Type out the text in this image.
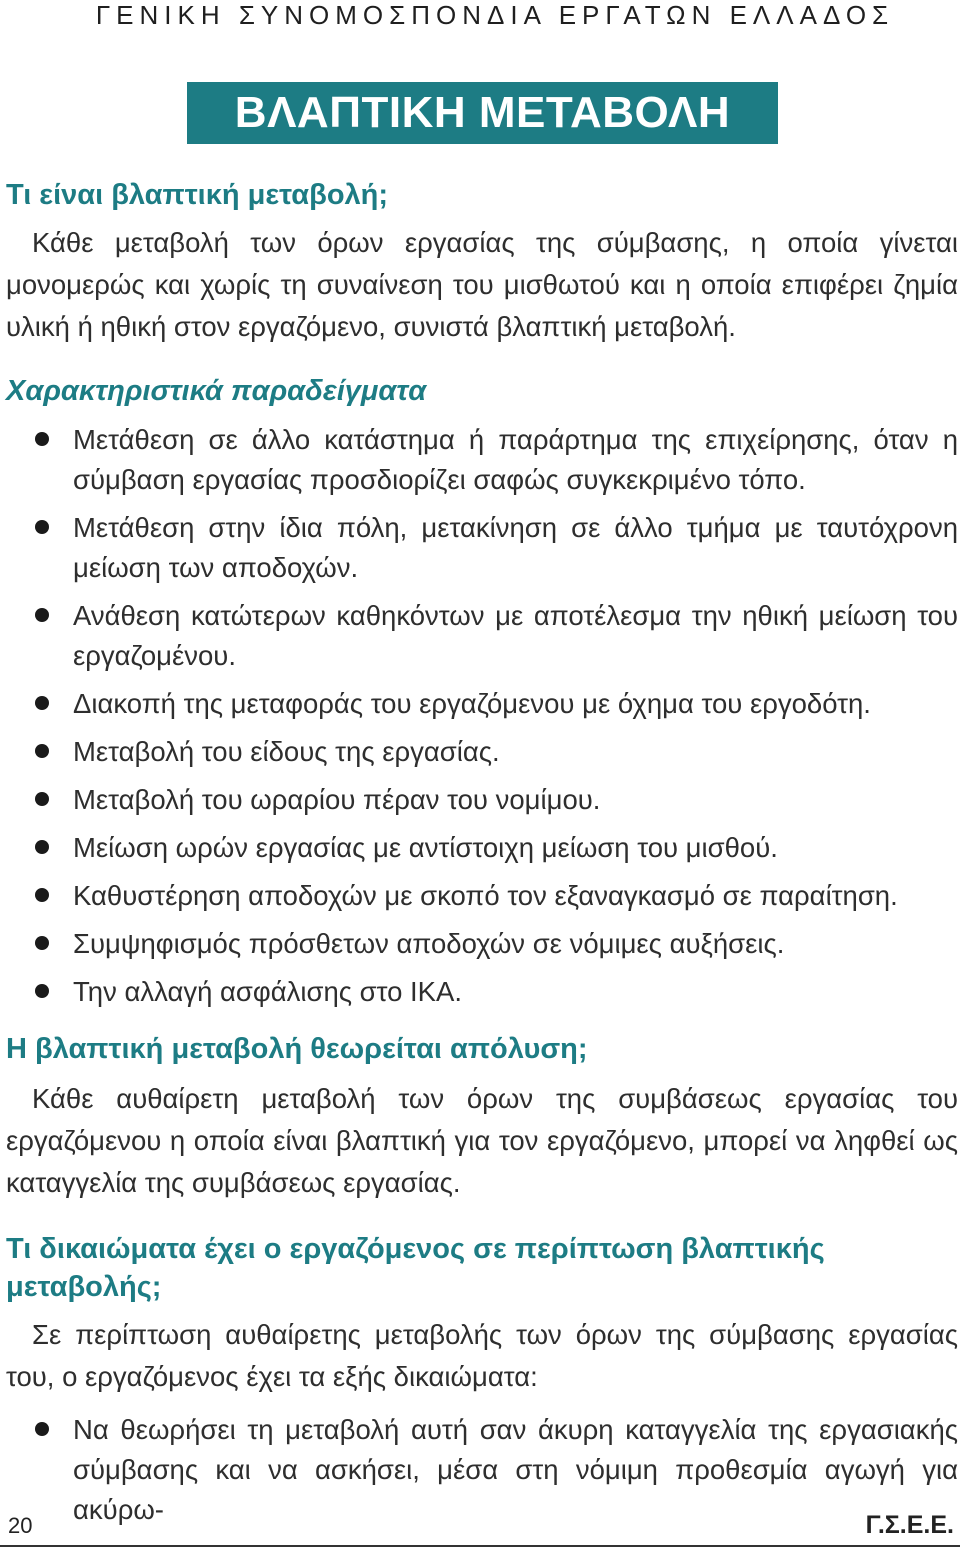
ΓΕΝΙΚΗ ΣΥΝΟΜΟΣΠΟΝΔΙΑ ΕΡΓΑΤΩΝ ΕΛΛΑΔΟΣ
ΒΛΑΠΤΙΚΗ ΜΕΤΑΒΟΛΗ
Τι είναι βλαπτική μεταβολή;

Κάθε μεταβολή των όρων εργασίας της σύμβασης, η οποία γίνεται μονομερώς και χωρίς τη συναίνεση του μισθωτού και η οποία επιφέρει ζημία υλική ή ηθική στον εργαζόμενο, συνιστά βλαπτική μεταβολή.

Χαρακτηριστικά παραδείγματα
Μετάθεση σε άλλο κατάστημα ή παράρτημα της επιχείρησης, όταν η σύμβαση εργασίας προσδιορίζει σαφώς συγκεκριμένο τόπο.
Μετάθεση στην ίδια πόλη, μετακίνηση σε άλλο τμήμα με ταυτόχρονη μείωση των αποδοχών.
Ανάθεση κατώτερων καθηκόντων με αποτέλεσμα την ηθική μείωση του εργαζομένου.
Διακοπή της μεταφοράς του εργαζόμενου με όχημα του εργοδότη.
Μεταβολή του είδους της εργασίας.
Μεταβολή του ωραρίου πέραν του νομίμου.
Μείωση ωρών εργασίας με αντίστοιχη μείωση του μισθού.
Καθυστέρηση αποδοχών με σκοπό τον εξαναγκασμό σε παραίτηση.
Συμψηφισμός πρόσθετων αποδοχών σε νόμιμες αυξήσεις.
Την αλλαγή ασφάλισης στο ΙΚΑ.
Η βλαπτική μεταβολή θεωρείται απόλυση;

Κάθε αυθαίρετη μεταβολή των όρων της συμβάσεως εργασίας του εργαζόμενου η οποία είναι βλαπτική για τον εργαζόμενο, μπορεί να ληφθεί ως καταγγελία της συμβάσεως εργασίας.

Τι δικαιώματα έχει ο εργαζόμενος σε περίπτωση βλαπτικής μεταβολής;

Σε περίπτωση αυθαίρετης μεταβολής των όρων της σύμβασης εργασίας του, ο εργαζόμενος έχει τα εξής δικαιώματα:

Να θεωρήσει τη μεταβολή αυτή σαν άκυρη καταγγελία της εργασιακής σύμβασης και να ασκήσει, μέσα στη νόμιμη προθεσμία αγωγή για ακύρω-
20	Γ.Σ.Ε.Ε.
